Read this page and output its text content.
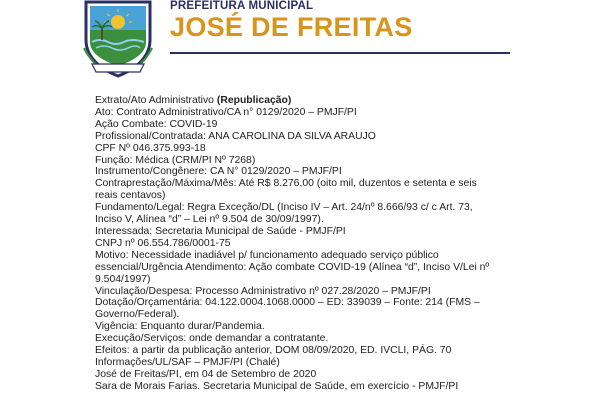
PREFEITURA MUNICIPAL
JOSÉ DE FREITAS
Extrato/Ato Administrativo (Republicação)
Ato: Contrato Administrativo/CA n° 0129/2020 – PMJF/PI
Ação Combate: COVID-19
Profissional/Contratada: ANA CAROLINA DA SILVA ARAUJO
CPF Nº 046.375.993-18
Função: Médica (CRM/PI Nº 7268)
Instrumento/Congênere: CA N° 0129/2020 – PMJF/PI
Contraprestação/Máxima/Mês: Até R$ 8.276,00 (oito mil, duzentos e setenta e seis reais centavos)
Fundamento/Legal: Regra Exceção/DL (Inciso IV – Art. 24/nº 8.666/93 c/ c Art. 73, Inciso V, Alínea “d” – Lei nº 9.504 de 30/09/1997).
Interessada: Secretaria Municipal de Saúde - PMJF/PI
CNPJ nº 06.554.786/0001-75
Motivo: Necessidade inadiável p/ funcionamento adequado serviço público essencial/Urgência Atendimento: Ação combate COVID-19 (Alínea “d”, Inciso V/Lei nº 9.504/1997)
Vinculação/Despesa: Processo Administrativo nº 027.28/2020 – PMJF/PI
Dotação/Orçamentária: 04.122.0004.1068.0000 – ED: 339039 – Fonte: 214 (FMS – Governo/Federal).
Vigência: Enquanto durar/Pandemia.
Execução/Serviços: onde demandar a contratante.
Efeitos: a partir da publicação anterior, DOM 08/09/2020, ED. IVCLI, PÁG. 70
Informações/UL/SAF – PMJF/PI (Chalé)
José de Freitas/PI, em 04 de Setembro de 2020
Sara de Morais Farias. Secretaria Municipal de Saúde, em exercício - PMJF/PI
